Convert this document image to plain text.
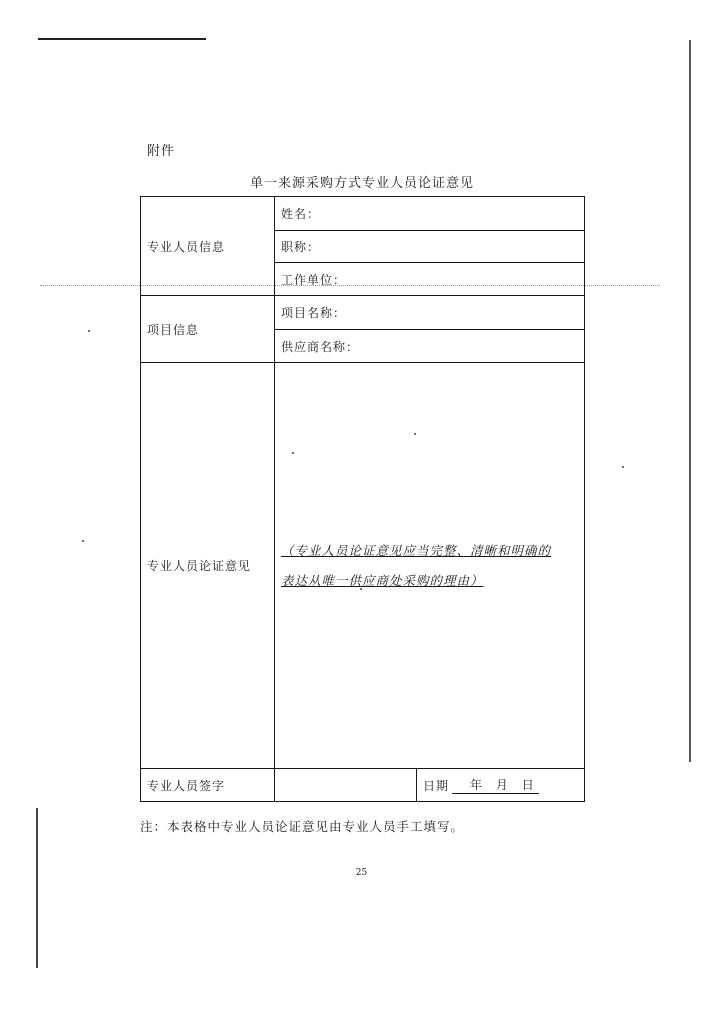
附件
单一来源采购方式专业人员论证意见
专业人员信息	姓名：	
	职称：	
	工作单位：	
项目信息	项目名称：	
	供应商名称：	
专业人员论证意见	（专业人员论证意见应当完整、清晰和明确的
表达从唯一供应商处采购的理由）	

专业人员签字		日期 年 月 日
注：本表格中专业人员论证意见由专业人员手工填写。
25
